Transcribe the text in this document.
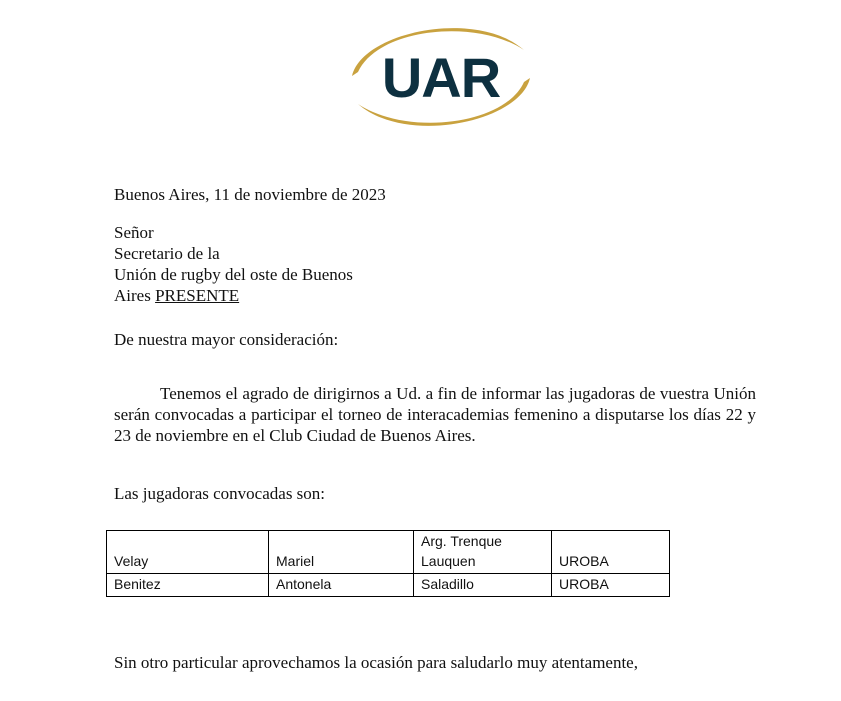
UAR
Buenos Aires, 11 de noviembre de 2023
Señor
Secretario de la
Unión de rugby del oste de Buenos
Aires PRESENTE
De nuestra mayor consideración:
Tenemos el agrado de dirigirnos a Ud. a fin de informar las jugadoras de vuestra Unión serán convocadas a participar el torneo de interacademias femenino a disputarse los días 22 y 23 de noviembre en el Club Ciudad de Buenos Aires.
Las jugadoras convocadas son:
Velay	Mariel	Arg. Trenque Lauquen	UROBA
Benitez	Antonela	Saladillo	UROBA
Sin otro particular aprovechamos la ocasión para saludarlo muy atentamente,
